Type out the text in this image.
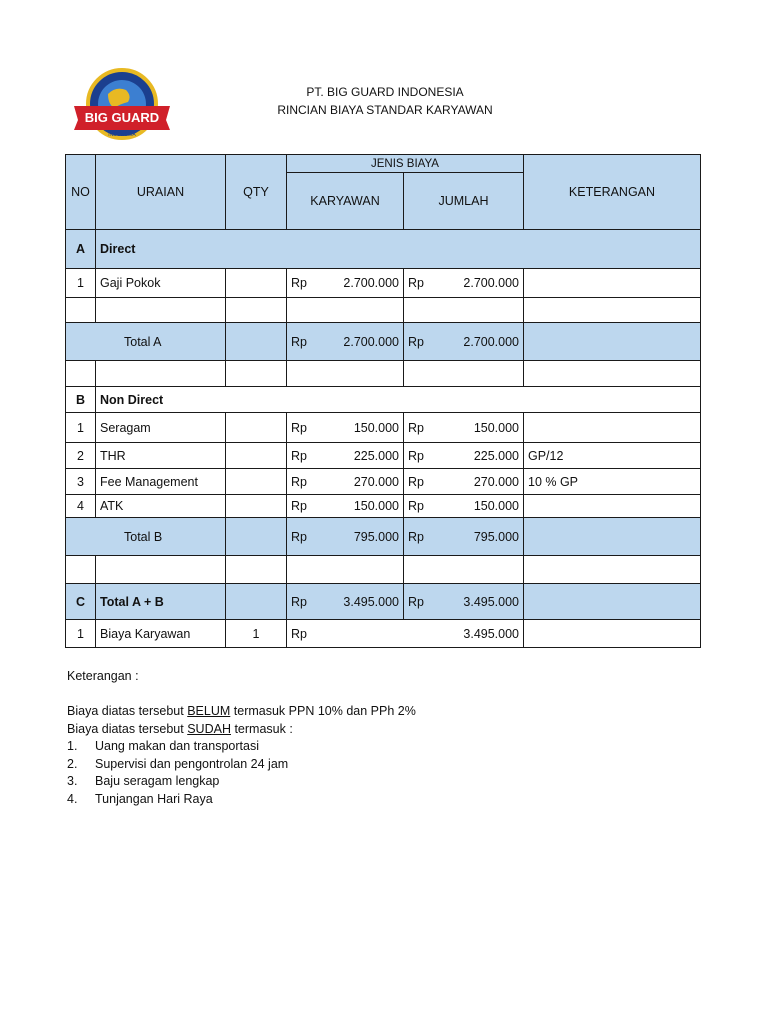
BIG GUARD
INDONESIA
PT. BIG GUARD INDONESIA
RINCIAN BIAYA STANDAR KARYAWAN
NO	URAIAN	QTY	JENIS BIAYA		KETERANGAN
			KARYAWAN	JUMLAH	
A	Direct				
1	Gaji Pokok		Rp 2.700.000	Rp 2.700.000	

Total A			Rp 2.700.000	Rp 2.700.000	

B	Non Direct				
1	Seragam		Rp 150.000	Rp 150.000	

2	THR		Rp 225.000	Rp 225.000	GP/12
3	Fee Management		Rp 270.000	Rp 270.000	10 % GP
4	ATK		Rp 150.000	Rp 150.000	

Total B			Rp 795.000	Rp 795.000	

C	Total A + B		Rp 3.495.000	Rp 3.495.000	

1	Biaya Karyawan	1	Rp 3.495.000		

Keterangan :
Biaya diatas tersebut BELUM termasuk PPN 10% dan PPh 2%
Biaya diatas tersebut SUDAH termasuk :
1. Uang makan dan transportasi
2. Supervisi dan pengontrolan 24 jam
3. Baju seragam lengkap
4. Tunjangan Hari Raya
